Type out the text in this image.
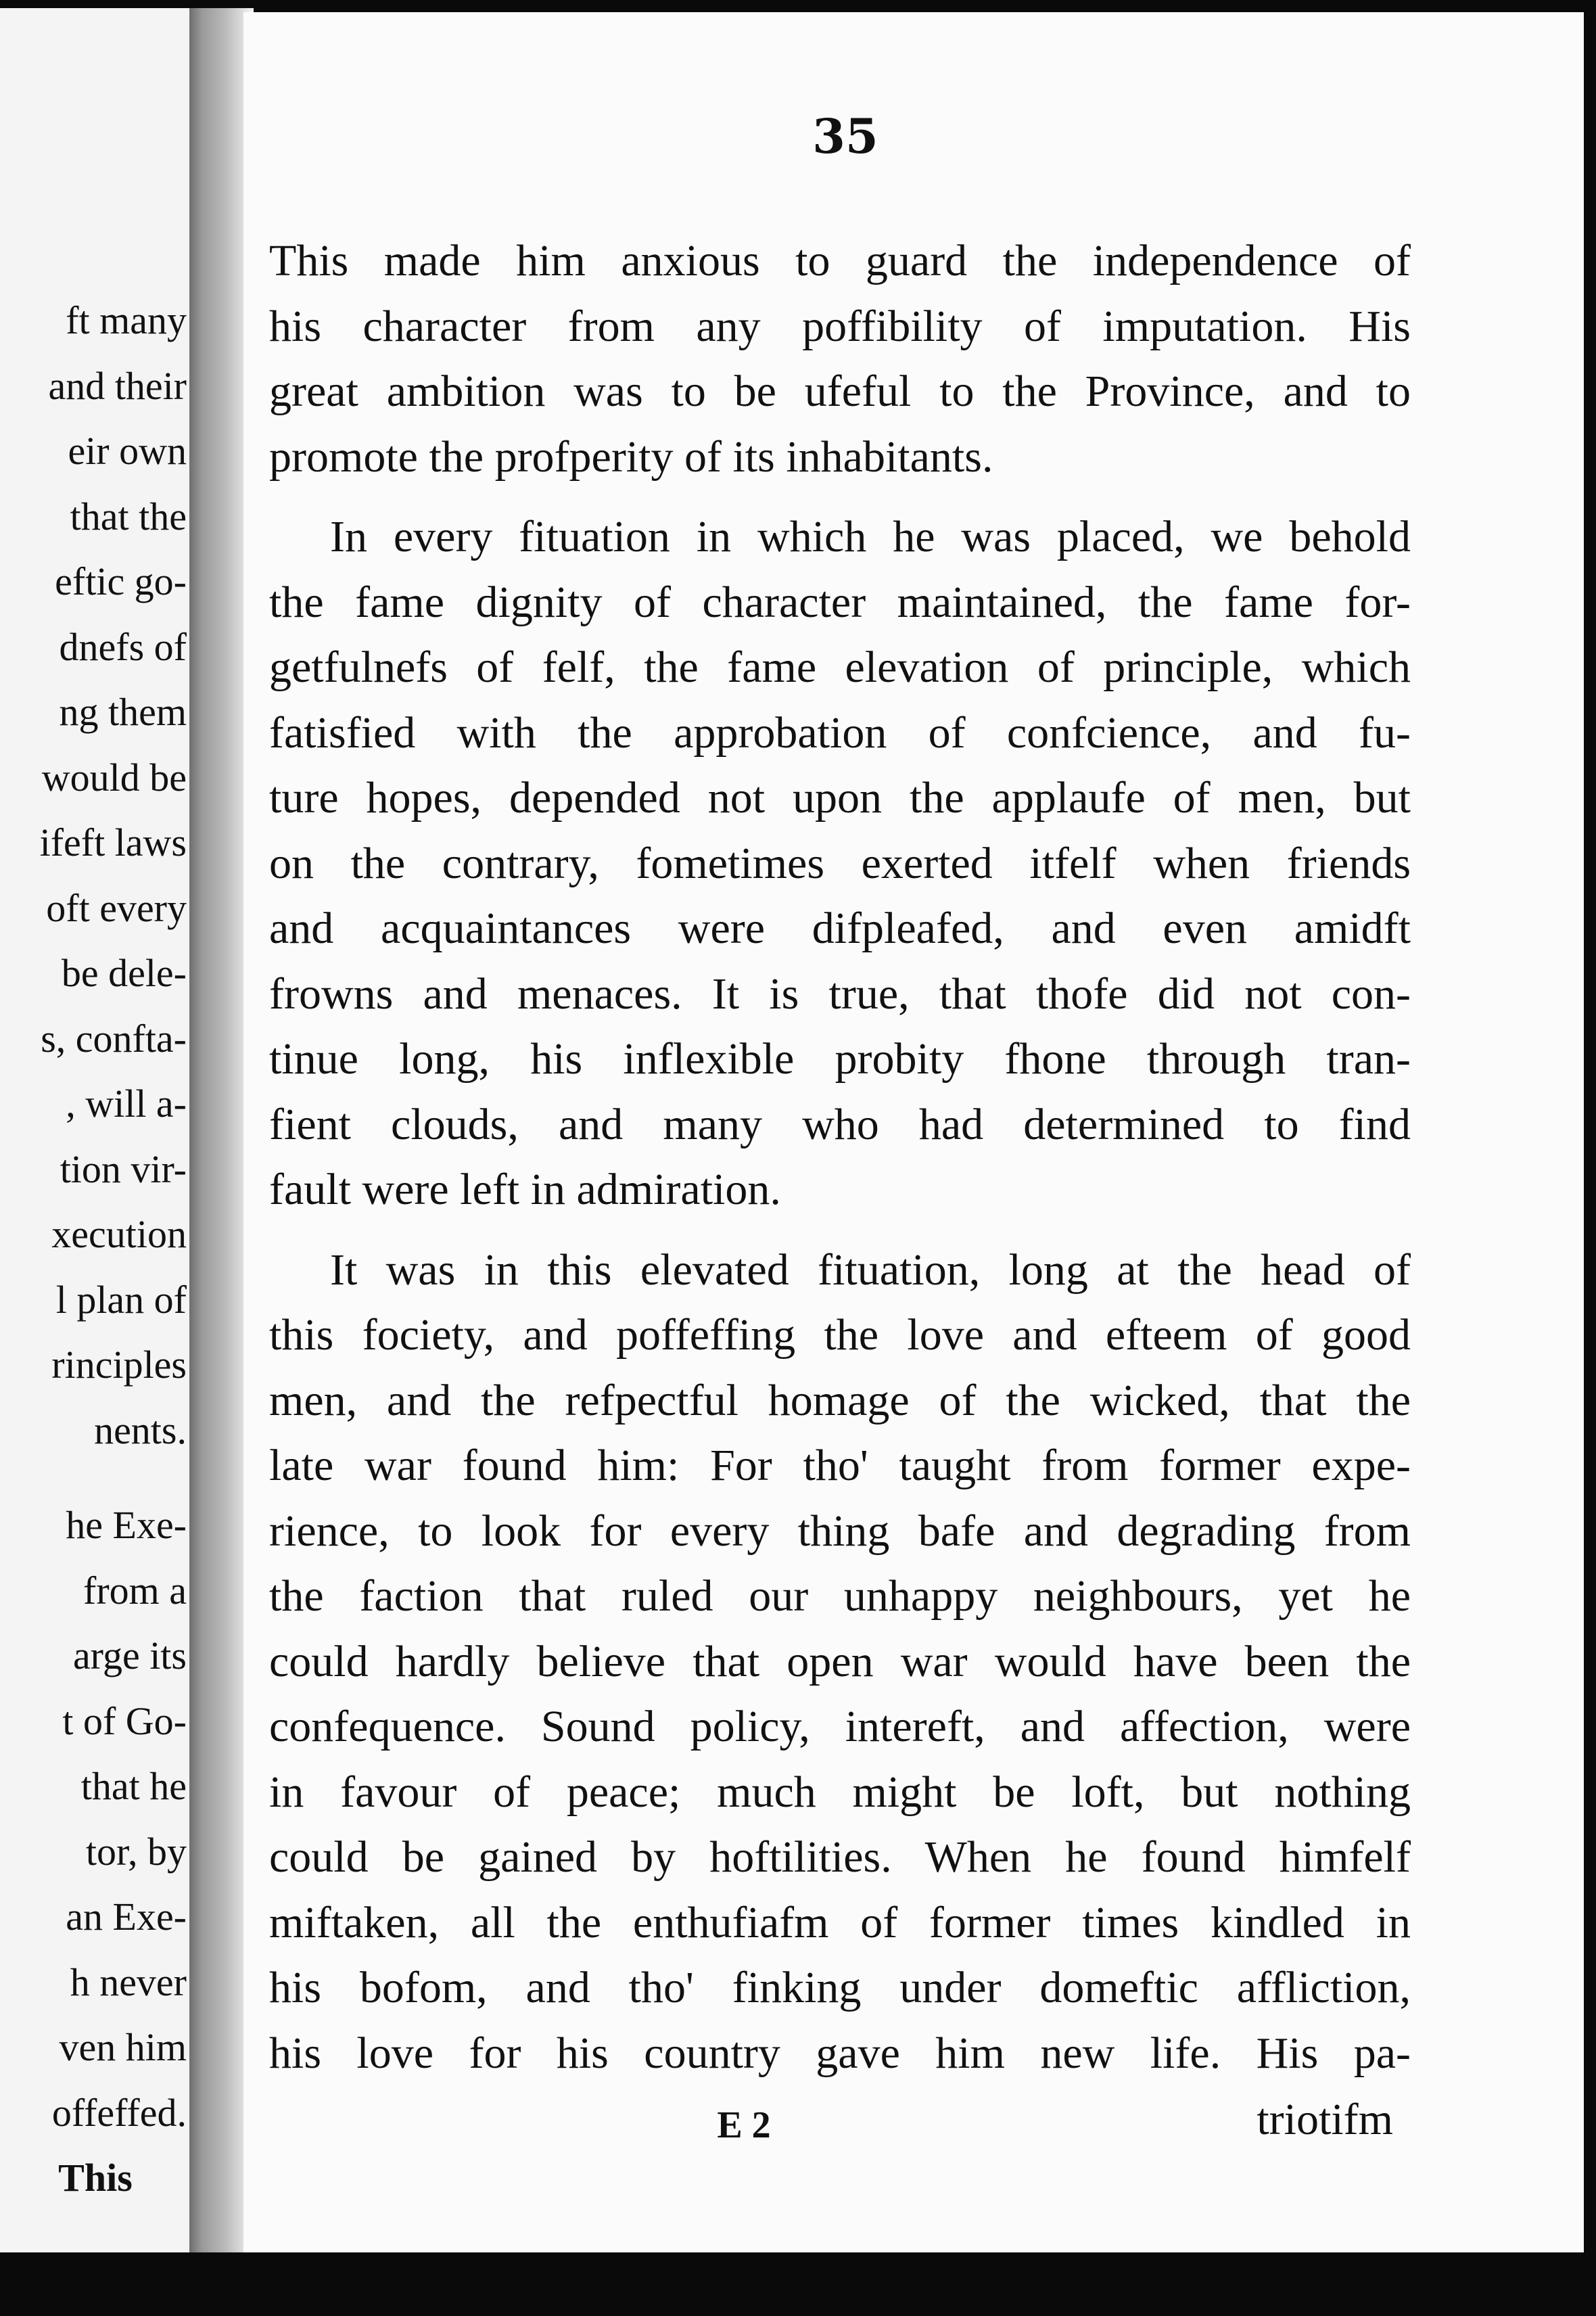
ft many
and their
eir own
that the
eftic go-
dnefs of
ng them
would be
ifeft laws
oft every
be dele-
s, confta-
, will a-
tion vir-
xecution
l plan of
rinciples
nents.
he Exe-
from a
arge its
t of Go-
that he
tor, by
an Exe-
h never
ven him
offeffed.
This
35
This made him anxious to guard the independence of
his character from any poffibility of imputation. His
great ambition was to be ufeful to the Province, and to
promote the profperity of its inhabitants.
In every fituation in which he was placed, we behold
the fame dignity of character maintained, the fame for-
getfulnefs of felf, the fame elevation of principle, which
fatisfied with the approbation of confcience, and fu-
ture hopes, depended not upon the applaufe of men, but
on the contrary, fometimes exerted itfelf when friends
and acquaintances were difpleafed, and even amidft
frowns and menaces. It is true, that thofe did not con-
tinue long, his inflexible probity fhone through tran-
fient clouds, and many who had determined to find
fault were left in admiration.
It was in this elevated fituation, long at the head of
this fociety, and poffeffing the love and efteem of good
men, and the refpectful homage of the wicked, that the
late war found him: For tho' taught from former expe-
rience, to look for every thing bafe and degrading from
the faction that ruled our unhappy neighbours, yet he
could hardly believe that open war would have been the
confequence. Sound policy, intereft, and affection, were
in favour of peace; much might be loft, but nothing
could be gained by hoftilities. When he found himfelf
miftaken, all the enthufiafm of former times kindled in
his bofom, and tho' finking under domeftic affliction,
his love for his country gave him new life. His pa-
E 2	triotifm
